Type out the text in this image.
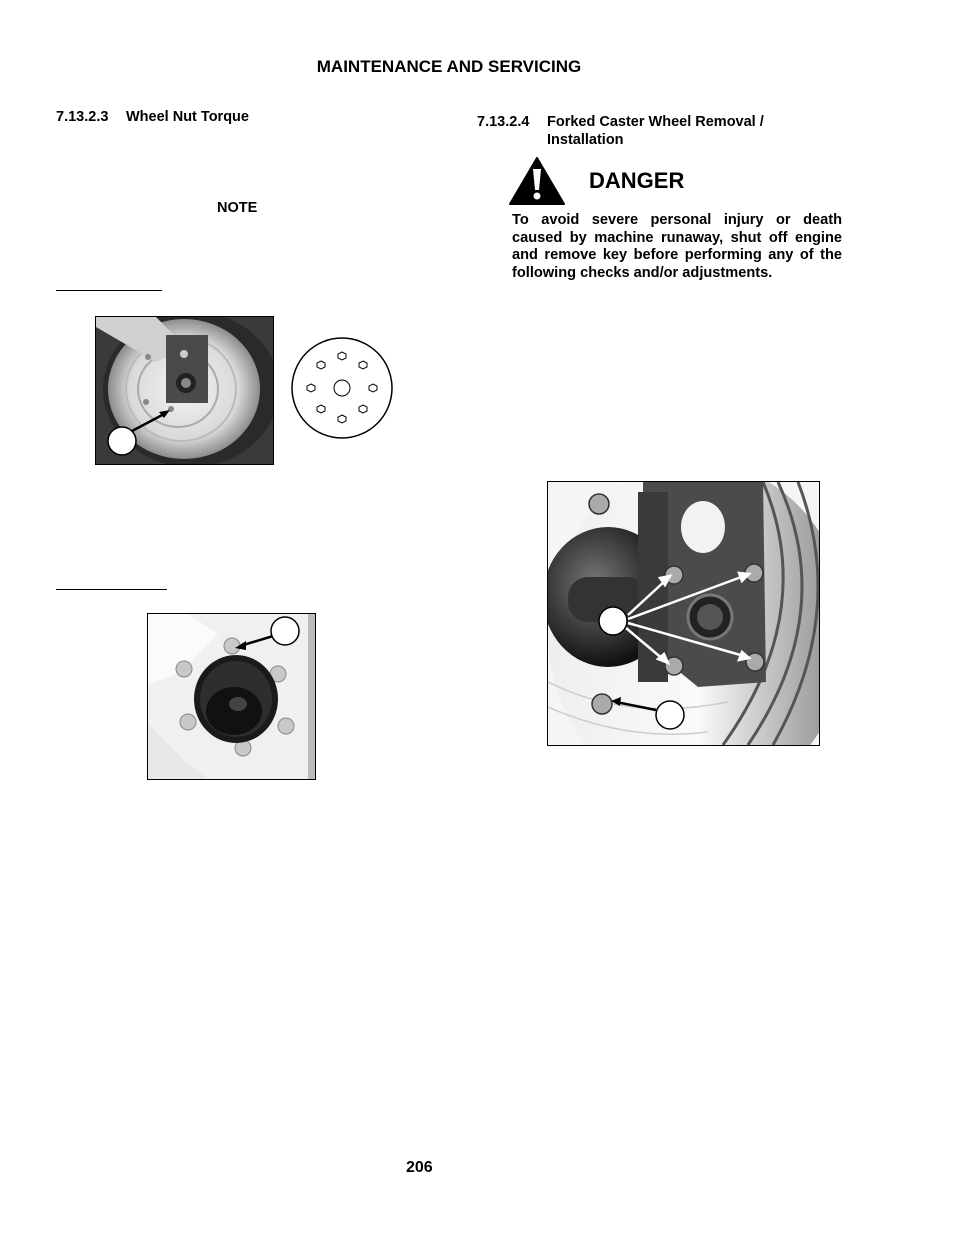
MAINTENANCE AND SERVICING
7.13.2.3 Wheel Nut Torque
NOTE
7.13.2.4 Forked Caster Wheel Removal /
Installation
DANGER
To avoid severe personal injury or death caused by machine runaway, shut off engine and remove key before performing any of the following checks and/or adjustments.
206
